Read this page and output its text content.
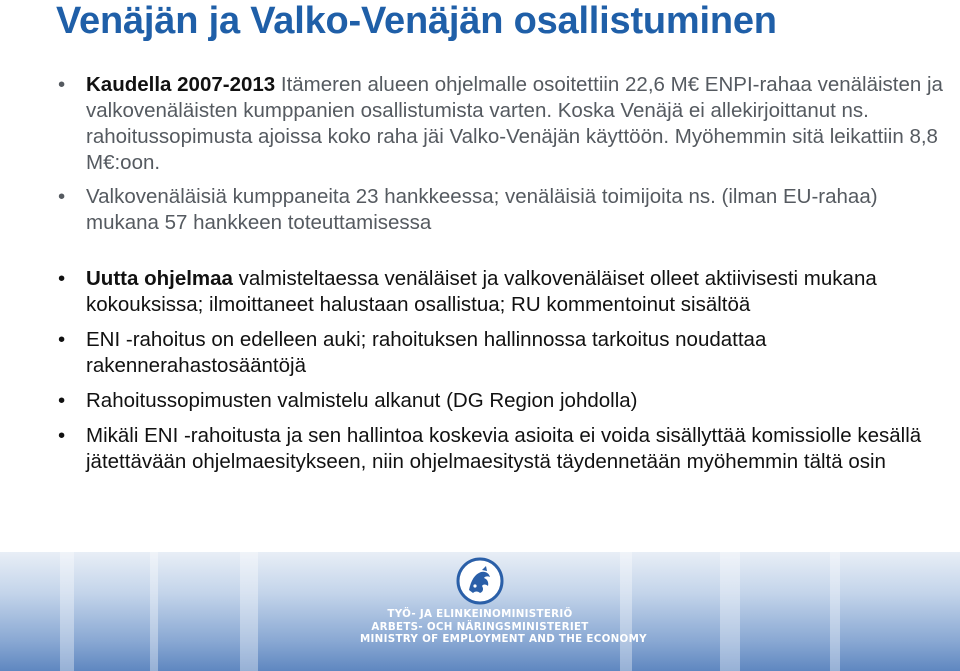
Venäjän ja Valko-Venäjän osallistuminen
• Kaudella 2007-2013 Itämeren alueen ohjelmalle osoitettiin 22,6 M€ ENPI-rahaa venäläisten ja valkovenäläisten kumppanien osallistumista varten. Koska Venäjä ei allekirjoittanut ns. rahoitussopimusta ajoissa koko raha jäi Valko-Venäjän käyttöön. Myöhemmin sitä leikattiin 8,8 M€:oon.
• Valkovenäläisiä kumppaneita 23 hankkeessa; venäläisiä toimijoita ns. (ilman EU-rahaa) mukana 57 hankkeen toteuttamisessa
• Uutta ohjelmaa valmisteltaessa venäläiset ja valkovenäläiset olleet aktiivisesti mukana kokouksissa; ilmoittaneet halustaan osallistua; RU kommentoinut sisältöä
• ENI -rahoitus on edelleen auki; rahoituksen hallinnossa tarkoitus noudattaa rakennerahastosääntöjä
• Rahoitussopimusten valmistelu alkanut (DG Region johdolla)
• Mikäli ENI -rahoitusta ja sen hallintoa koskevia asioita ei voida sisällyttää komissiolle kesällä jätettävään ohjelmaesitykseen, niin ohjelmaesitystä täydennetään myöhemmin tältä osin
TYÖ- JA ELINKEINOMINISTERIÖ
ARBETS- OCH NÄRINGSMINISTERIET
MINISTRY OF EMPLOYMENT AND THE ECONOMY
